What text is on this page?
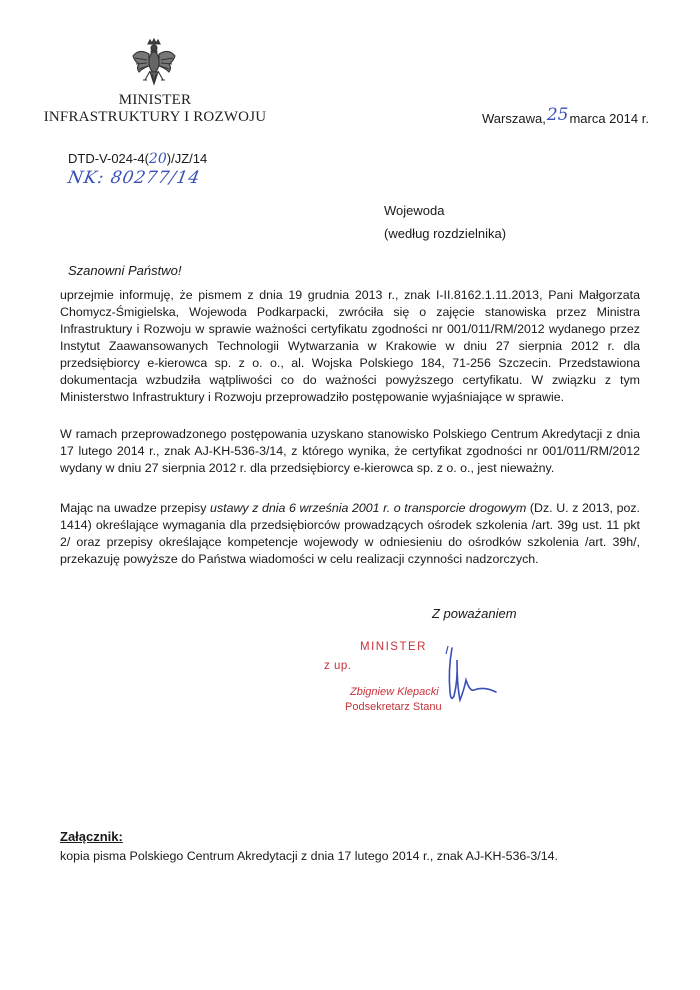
MINISTER
INFRASTRUKTURY I ROZWOJU	Warszawa,25marca 2014 r.
DTD-V-024-4(20)/JZ/14
NK: 80277/14
Wojewoda
(według rozdzielnika)
Szanowni Państwo!
uprzejmie informuję, że pismem z dnia 19 grudnia 2013 r., znak I-II.8162.1.11.2013, Pani Małgorzata Chomycz-Śmigielska, Wojewoda Podkarpacki, zwróciła się o zajęcie stanowiska przez Ministra Infrastruktury i Rozwoju w sprawie ważności certyfikatu zgodności nr 001/011/RM/2012 wydanego przez Instytut Zaawansowanych Technologii Wytwarzania w Krakowie w dniu 27 sierpnia 2012 r. dla przedsiębiorcy e-kierowca sp. z o. o., al. Wojska Polskiego 184, 71-256 Szczecin. Przedstawiona dokumentacja wzbudziła wątpliwości co do ważności powyższego certyfikatu. W związku z tym Ministerstwo Infrastruktury i Rozwoju przeprowadziło postępowanie wyjaśniające w sprawie.
W ramach przeprowadzonego postępowania uzyskano stanowisko Polskiego Centrum Akredytacji z dnia 17 lutego 2014 r., znak AJ-KH-536-3/14, z którego wynika, że certyfikat zgodności nr 001/011/RM/2012 wydany w dniu 27 sierpnia 2012 r. dla przedsiębiorcy e-kierowca sp. z o. o., jest nieważny.
Mając na uwadze przepisy ustawy z dnia 6 września 2001 r. o transporcie drogowym (Dz. U. z 2013, poz. 1414) określające wymagania dla przedsiębiorców prowadzących ośrodek szkolenia /art. 39g ust. 11 pkt 2/ oraz przepisy określające kompetencje wojewody w odniesieniu do ośrodków szkolenia /art. 39h/, przekazuję powyższe do Państwa wiadomości w celu realizacji czynności nadzorczych.
Z poważaniem
MINISTER
z up.
Zbigniew Klepacki
Podsekretarz Stanu
Załącznik:
kopia pisma Polskiego Centrum Akredytacji z dnia 17 lutego 2014 r., znak AJ-KH-536-3/14.
